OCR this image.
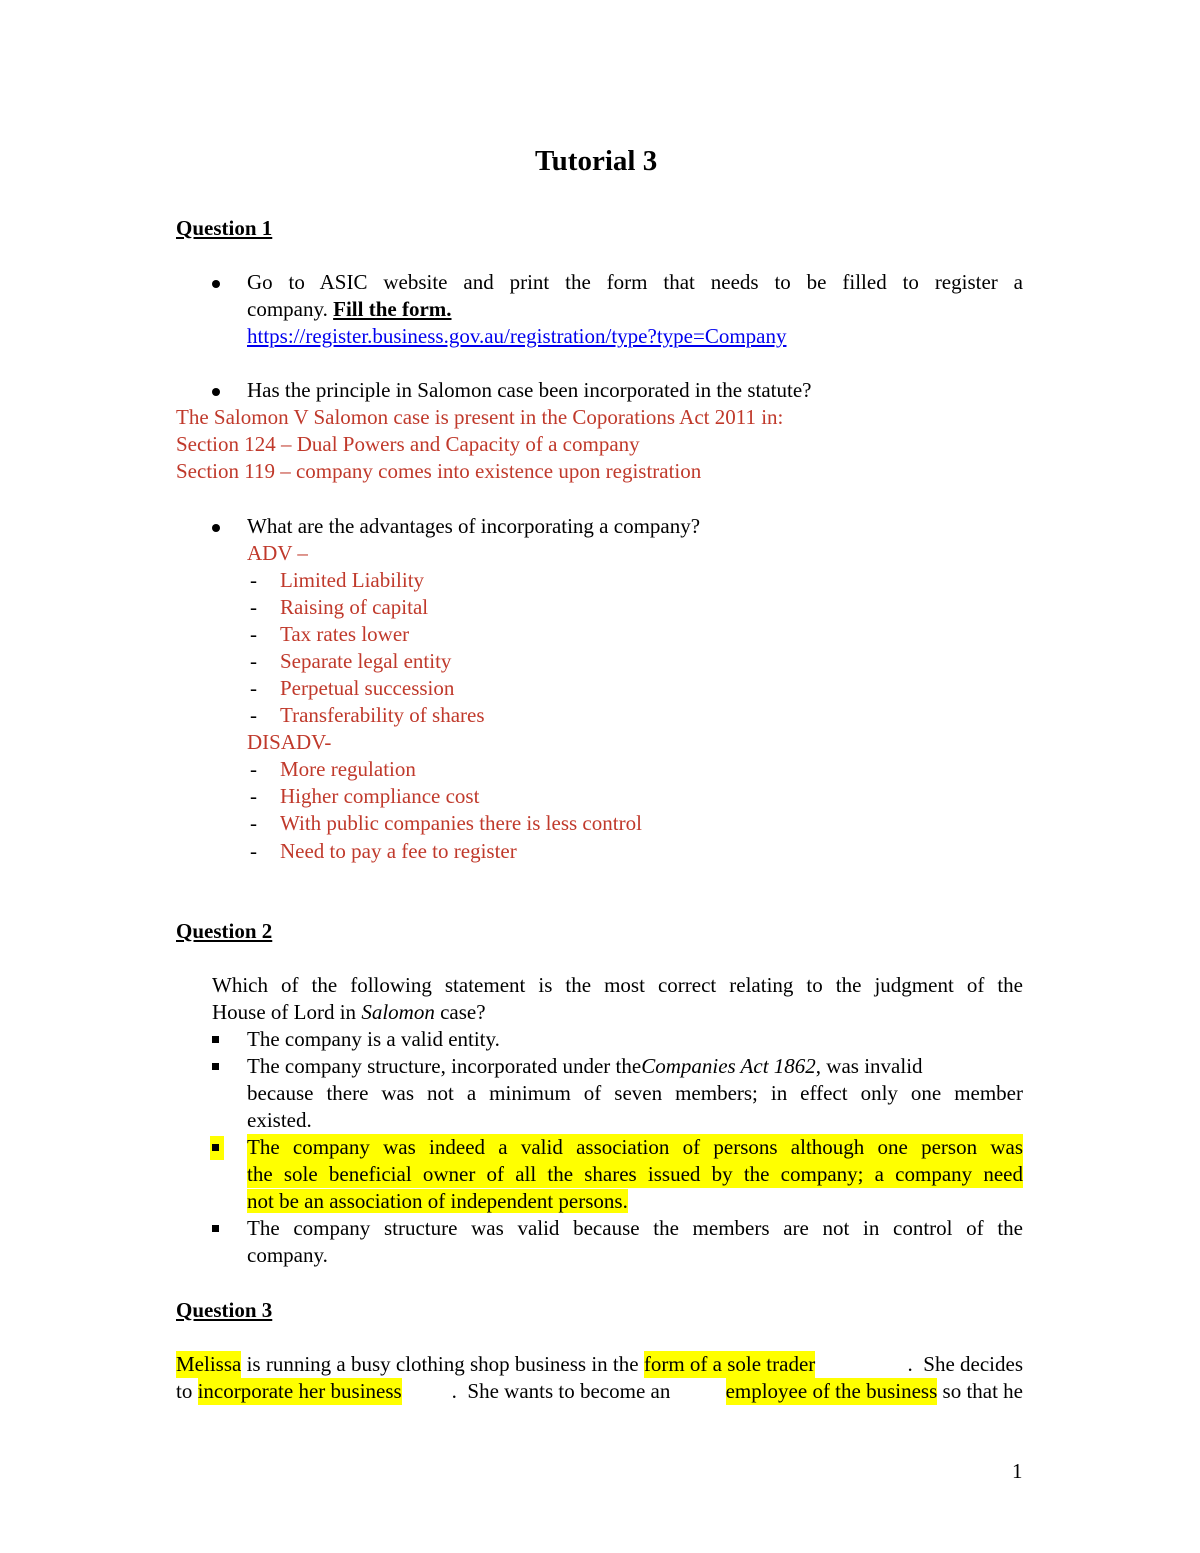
Tutorial 3
Question 1
Go to ASIC website and print the form that needs to be filled to register a
company. Fill the form.
https://register.business.gov.au/registration/type?type=Company
Has the principle in Salomon case been incorporated in the statute?
The Salomon V Salomon case is present in the Coporations Act 2011 in:
Section 124 – Dual Powers and Capacity of a company
Section 119 – company comes into existence upon registration
What are the advantages of incorporating a company?
ADV –
- Limited Liability
- Raising of capital
- Tax rates lower
- Separate legal entity
- Perpetual succession
- Transferability of shares
DISADV-
- More regulation
- Higher compliance cost
- With public companies there is less control
- Need to pay a fee to register
Question 2
Which of the following statement is the most correct relating to the judgment of the
House of Lord in Salomon case?
The company is a valid entity.
The company structure, incorporated under the Companies Act 1862, was invalid
because there was not a minimum of seven members; in effect only one member
existed.
The company was indeed a valid association of persons although one person was
the sole beneficial owner of all the shares issued by the company; a company need
not be an association of independent persons.
The company structure was valid because the members are not in control of the
company.
Question 3
Melissa is running a busy clothing shop business in the form of a sole trader	.  She decides
to incorporate her business	.  She wants to become an	employee of the business so that he
1
